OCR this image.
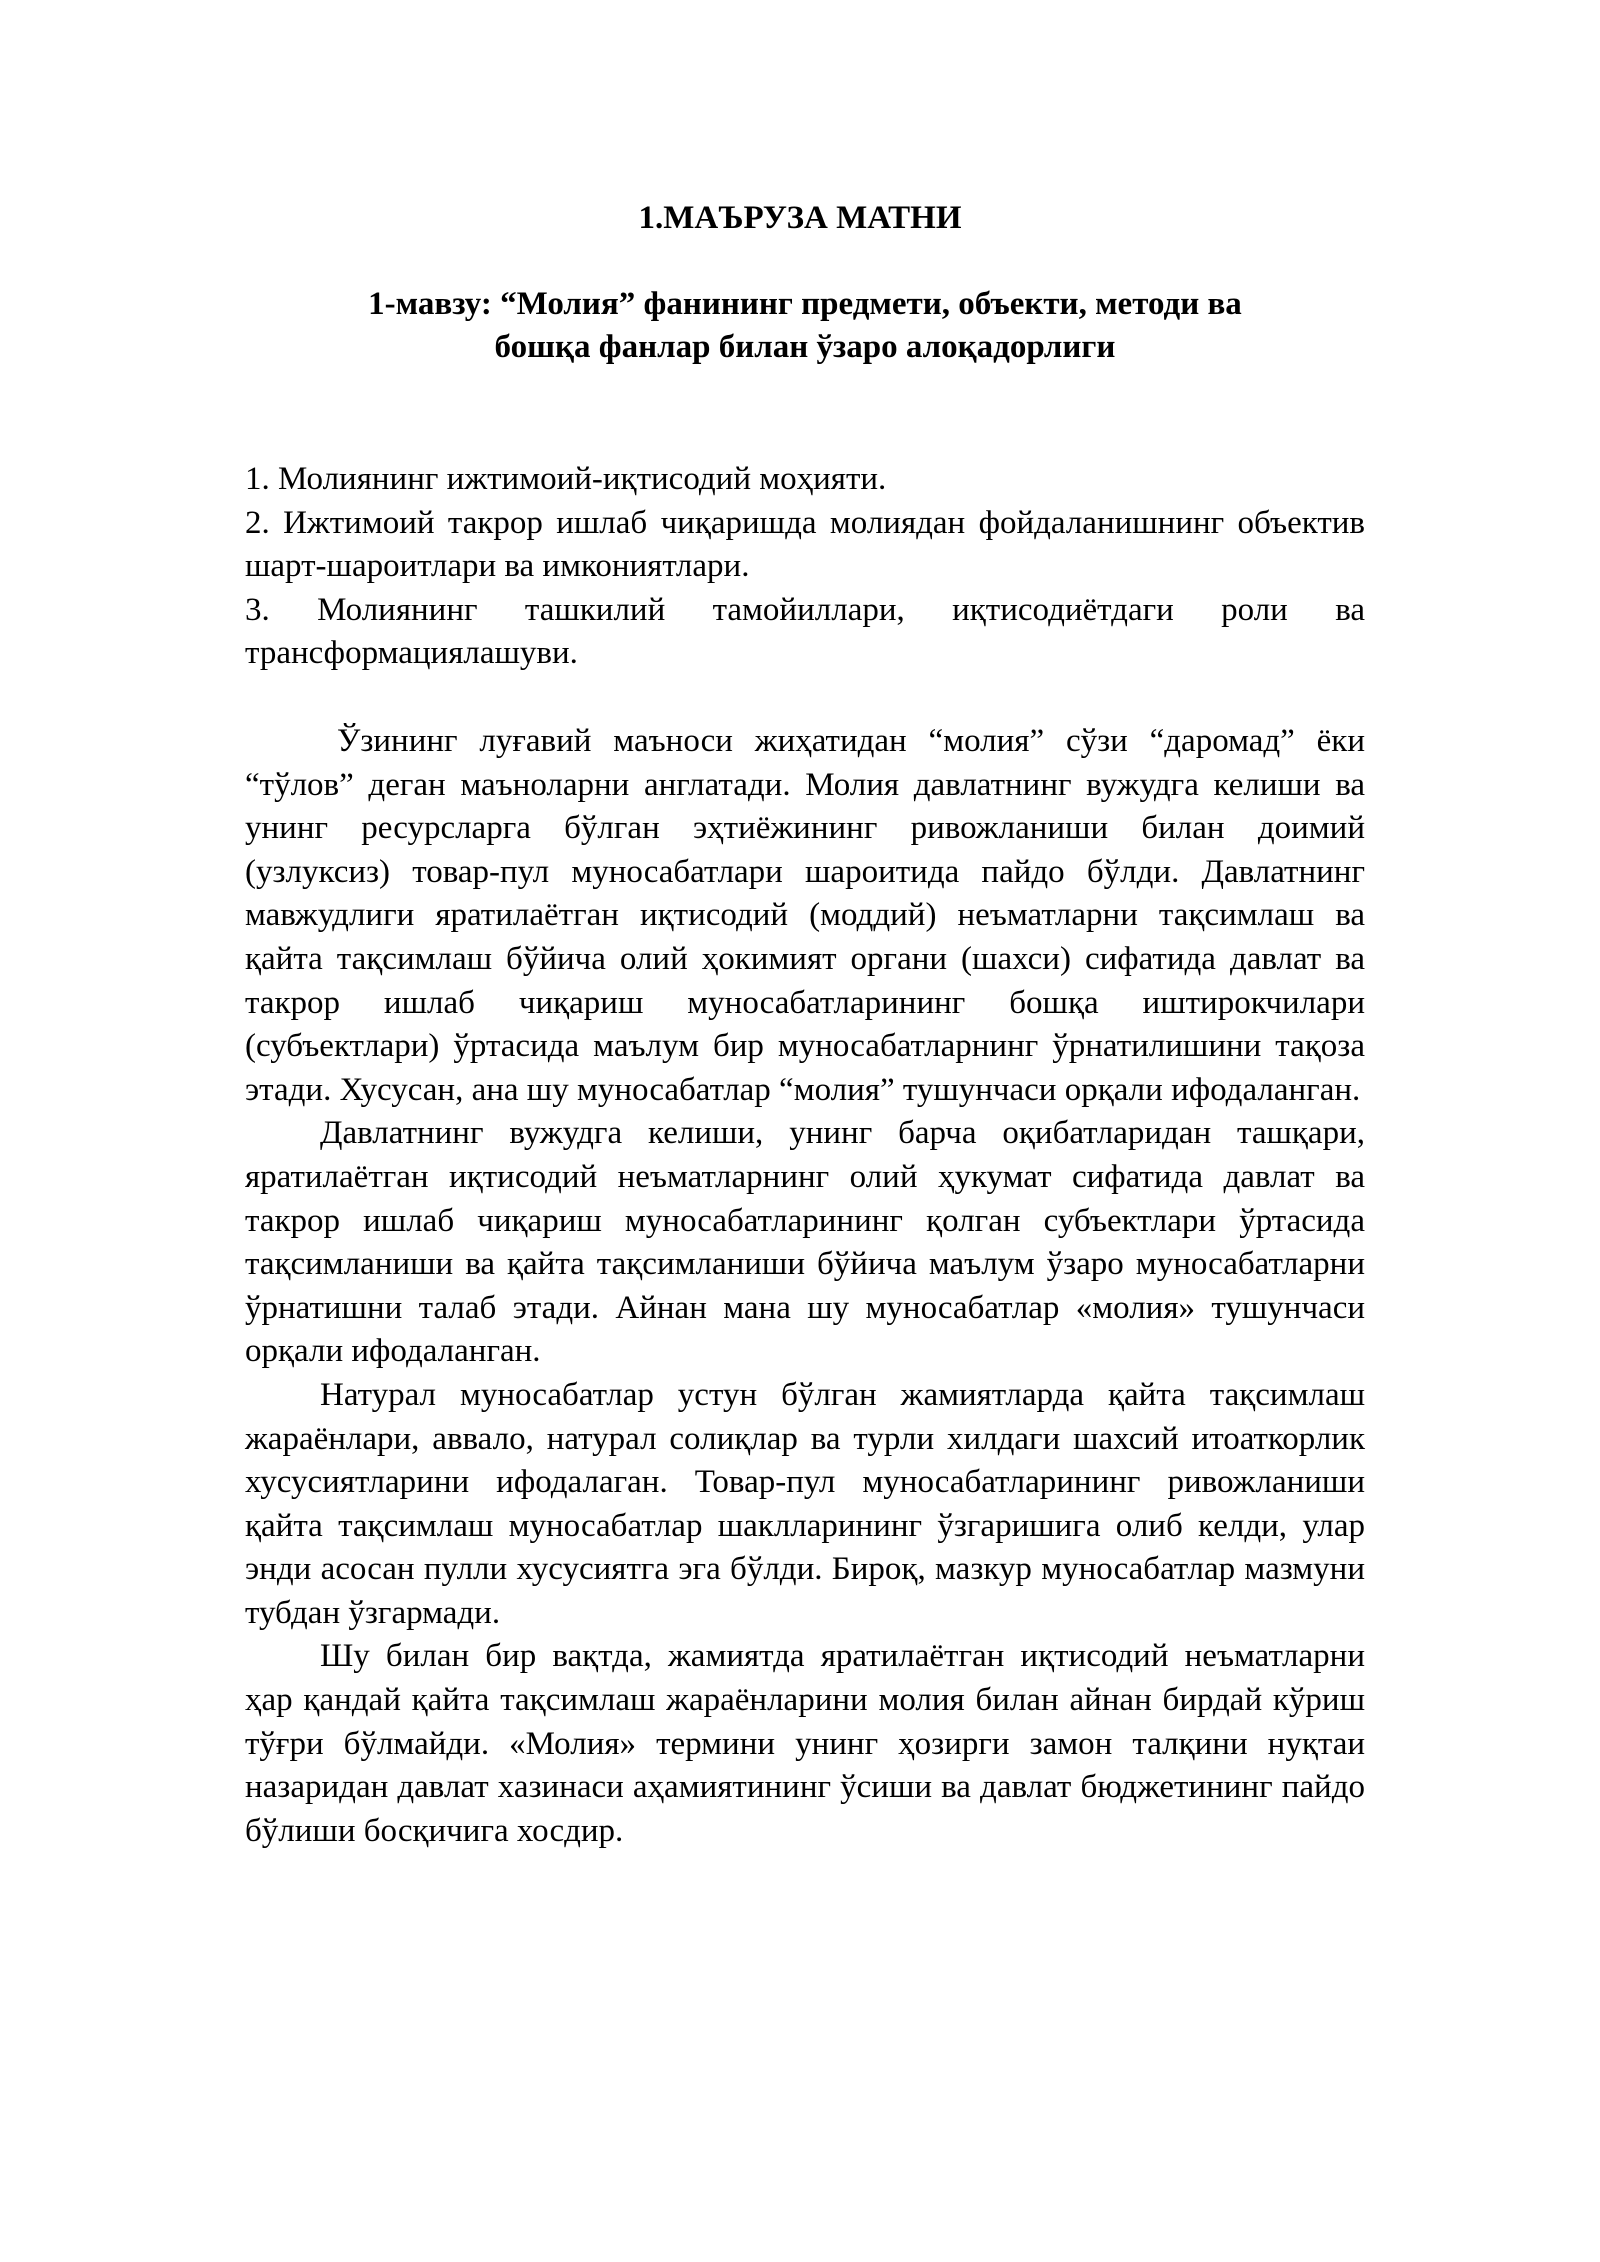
1.МАЪРУЗА МАТНИ
1-мавзу: “Молия” фанининг предмети, объекти, методи ва
бошқа фанлар билан ўзаро алоқадорлиги
1. Молиянинг ижтимоий-иқтисодий моҳияти.
2. Ижтимоий такрор ишлаб чиқаришда молиядан фойдаланишнинг объектив шарт-шароитлари ва имкониятлари.
3. Молиянинг ташкилий тамойиллари, иқтисодиётдаги роли ва трансформациялашуви.

Ўзининг луғавий маъноси жиҳатидан “молия” сўзи “даромад” ёки “тўлов” деган маъноларни англатади. Молия давлатнинг вужудга келиши ва унинг ресурсларга бўлган эҳтиёжининг ривожланиши билан доимий (узлуксиз) товар-пул муносабатлари шароитида пайдо бўлди. Давлатнинг мавжудлиги яратилаётган иқтисодий (моддий) неъматларни тақсимлаш ва қайта тақсимлаш бўйича олий ҳокимият органи (шахси) сифатида давлат ва такрор ишлаб чиқариш муносабатларининг бошқа иштирокчилари (субъектлари) ўртасида маълум бир муносабатларнинг ўрнатилишини тақоза этади. Хусусан, ана шу муносабатлар “молия” тушунчаси орқали ифодаланган.

Давлатнинг вужудга келиши, унинг барча оқибатларидан ташқари, яратилаётган иқтисодий неъматларнинг олий ҳукумат сифатида давлат ва такрор ишлаб чиқариш муносабатларининг қолган субъектлари ўртасида тақсимланиши ва қайта тақсимланиши бўйича маълум ўзаро муносабатларни ўрнатишни талаб этади. Айнан мана шу муносабатлар «молия» тушунчаси орқали ифодаланган.

Натурал муносабатлар устун бўлган жамиятларда қайта тақсимлаш жараёнлари, аввало, натурал солиқлар ва турли хилдаги шахсий итоаткорлик хусусиятларини ифодалаган. Товар-пул муносабатларининг ривожланиши қайта тақсимлаш муносабатлар шаклларининг ўзгаришига олиб келди, улар энди асосан пулли хусусиятга эга бўлди. Бироқ, мазкур муносабатлар мазмуни тубдан ўзгармади.

Шу билан бир вақтда, жамиятда яратилаётган иқтисодий неъматларни ҳар қандай қайта тақсимлаш жараёнларини молия билан айнан бирдай кўриш тўғри бўлмайди. «Молия» термини унинг ҳозирги замон талқини нуқтаи назаридан давлат хазинаси аҳамиятининг ўсиши ва давлат бюджетининг пайдо бўлиши босқичига хосдир.
